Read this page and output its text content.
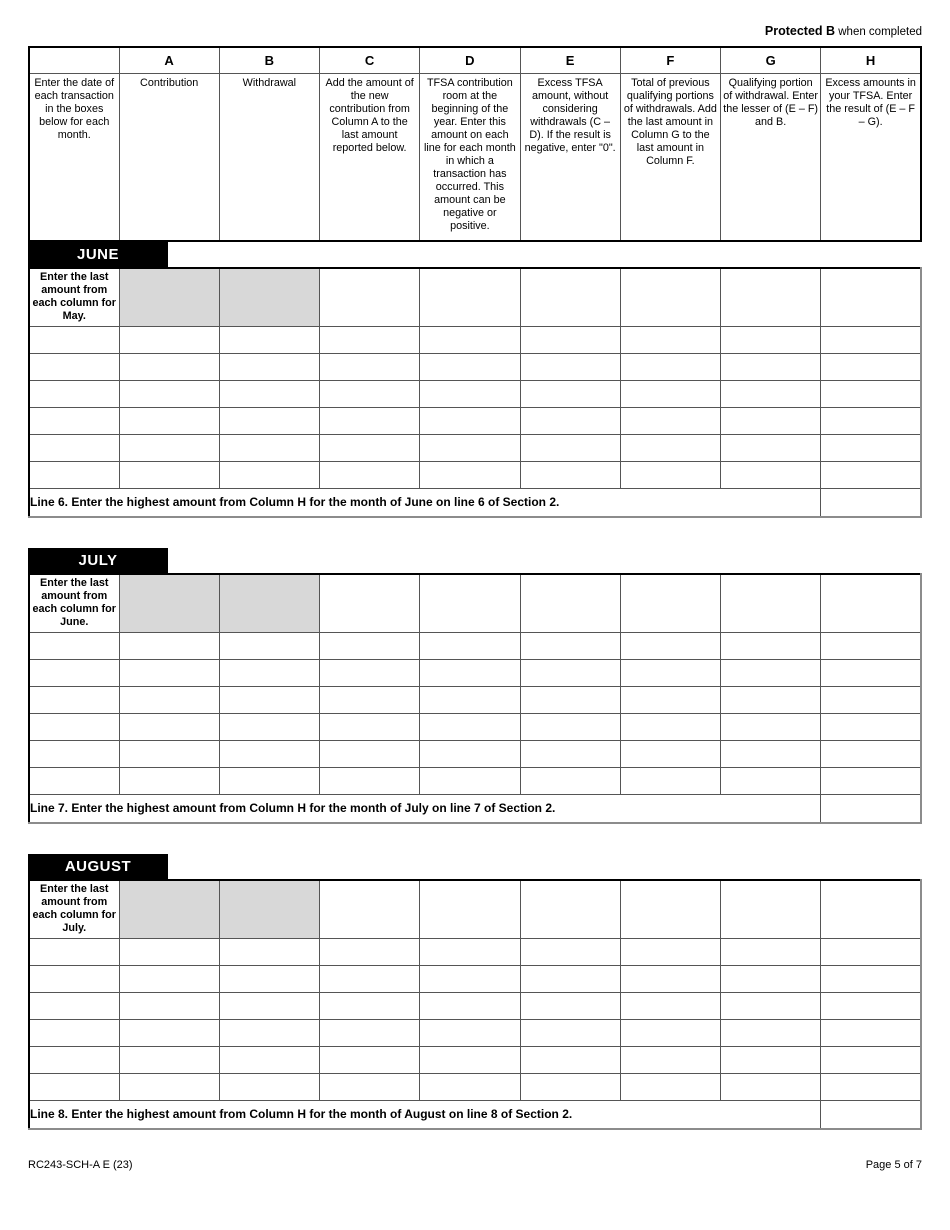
Protected B when completed
	A	B	C	D	E	F	G	H
Enter the date of each transaction in the boxes below for each month.	Contribution	Withdrawal	Add the amount of the new contribution from Column A to the last amount reported below.	TFSA contribution room at the beginning of the year. Enter this amount on each line for each month in which a transaction has occurred. This amount can be negative or positive.	Excess TFSA amount, without considering withdrawals (C – D). If the result is negative, enter "0".	Total of previous qualifying portions of withdrawals. Add the last amount in Column G to the last amount in Column F.	Qualifying portion of withdrawal. Enter the lesser of (E – F) and B.	Excess amounts in your TFSA. Enter the result of (E – F – G).
JUNE
Enter the last amount from each column for May.								

Line 6. Enter the highest amount from Column H for the month of June on line 6 of Section 2.								
JULY
Enter the last amount from each column for June.								

Line 7. Enter the highest amount from Column H for the month of July on line 7 of Section 2.								
AUGUST
Enter the last amount from each column for July.								

Line 8. Enter the highest amount from Column H for the month of August on line 8 of Section 2.								
RC243-SCH-A E (23)	Page 5 of 7
